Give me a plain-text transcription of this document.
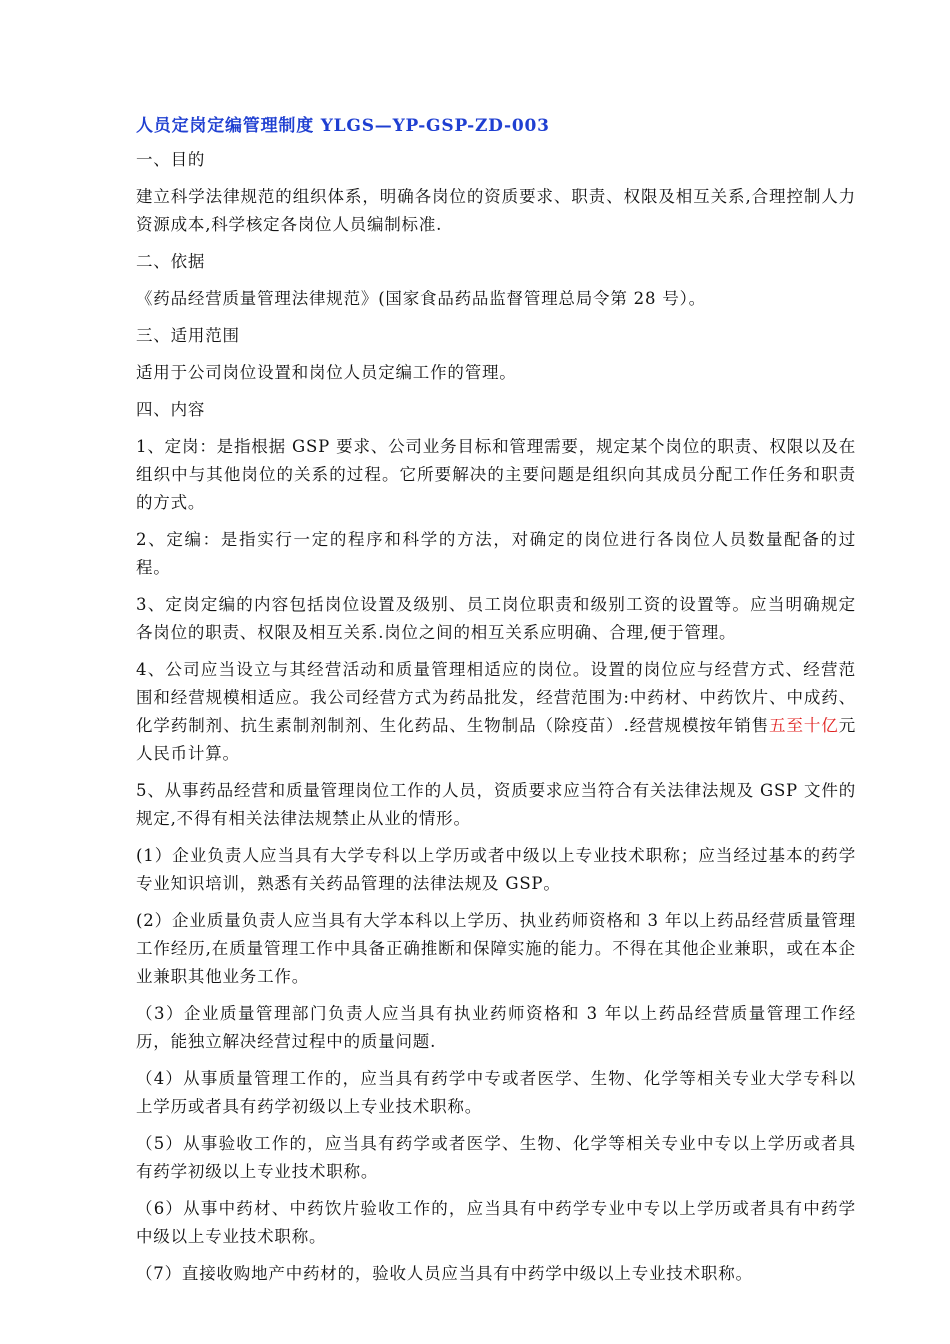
人员定岗定编管理制度 YLGS—YP-GSP-ZD-003
一、目的
建立科学法律规范的组织体系，明确各岗位的资质要求、职责、权限及相互关系,合理控制人力资源成本,科学核定各岗位人员编制标准.
二、依据
《药品经营质量管理法律规范》(国家食品药品监督管理总局令第 28 号）。
三、适用范围
适用于公司岗位设置和岗位人员定编工作的管理。
四、内容
1、定岗：是指根据 GSP 要求、公司业务目标和管理需要，规定某个岗位的职责、权限以及在组织中与其他岗位的关系的过程。它所要解决的主要问题是组织向其成员分配工作任务和职责的方式。
2、定编：是指实行一定的程序和科学的方法，对确定的岗位进行各岗位人员数量配备的过程。
3、定岗定编的内容包括岗位设置及级别、员工岗位职责和级别工资的设置等。应当明确规定各岗位的职责、权限及相互关系.岗位之间的相互关系应明确、合理,便于管理。
4、公司应当设立与其经营活动和质量管理相适应的岗位。设置的岗位应与经营方式、经营范围和经营规模相适应。我公司经营方式为药品批发，经营范围为:中药材、中药饮片、中成药、化学药制剂、抗生素制剂制剂、生化药品、生物制品（除疫苗）.经营规模按年销售五至十亿元人民币计算。
5、从事药品经营和质量管理岗位工作的人员，资质要求应当符合有关法律法规及 GSP 文件的规定,不得有相关法律法规禁止从业的情形。
(1）企业负责人应当具有大学专科以上学历或者中级以上专业技术职称；应当经过基本的药学专业知识培训，熟悉有关药品管理的法律法规及 GSP。
(2）企业质量负责人应当具有大学本科以上学历、执业药师资格和 3 年以上药品经营质量管理工作经历,在质量管理工作中具备正确推断和保障实施的能力。不得在其他企业兼职，或在本企业兼职其他业务工作。
（3）企业质量管理部门负责人应当具有执业药师资格和 3 年以上药品经营质量管理工作经历，能独立解决经营过程中的质量问题.
（4）从事质量管理工作的，应当具有药学中专或者医学、生物、化学等相关专业大学专科以上学历或者具有药学初级以上专业技术职称。
（5）从事验收工作的，应当具有药学或者医学、生物、化学等相关专业中专以上学历或者具有药学初级以上专业技术职称。
（6）从事中药材、中药饮片验收工作的，应当具有中药学专业中专以上学历或者具有中药学中级以上专业技术职称。
（7）直接收购地产中药材的，验收人员应当具有中药学中级以上专业技术职称。
